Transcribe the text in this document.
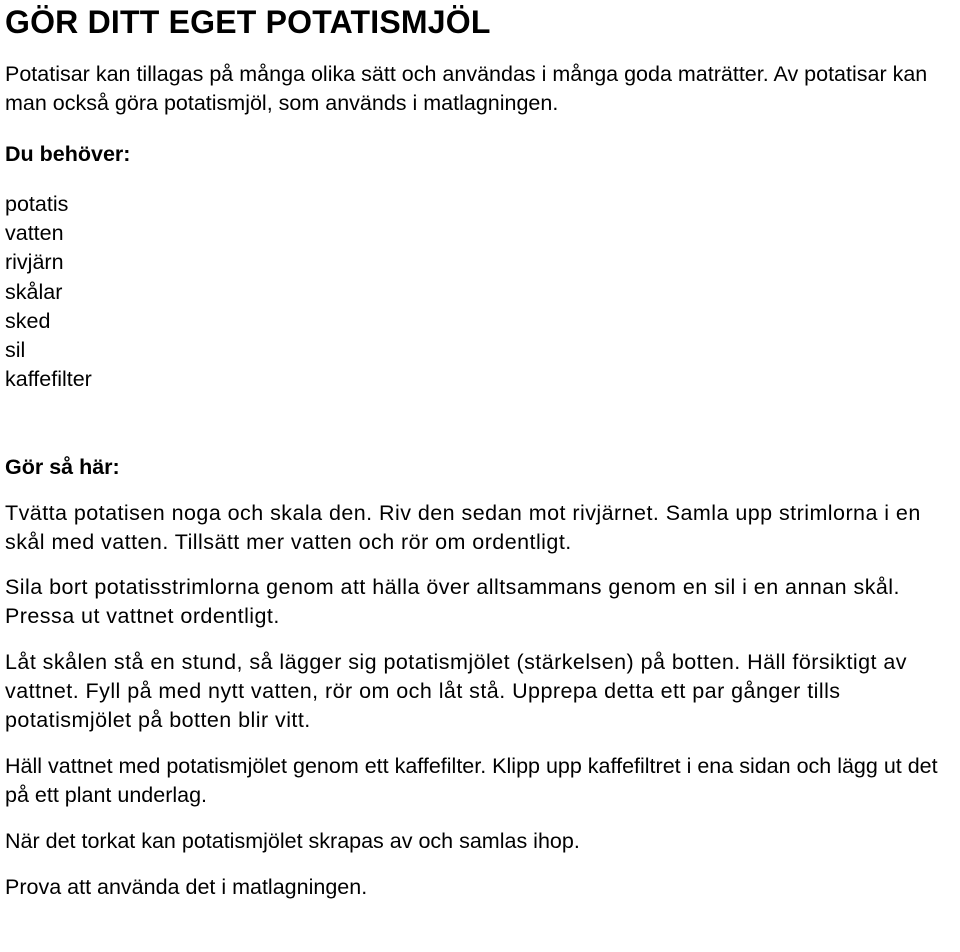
GÖR DITT EGET POTATISMJÖL

Potatisar kan tillagas på många olika sätt och användas i många goda maträtter. Av potatisar kan man också göra potatismjöl, som används i matlagningen.

Du behöver:
potatis
vatten
rivjärn
skålar
sked
sil
kaffefilter
Gör så här:

Tvätta potatisen noga och skala den. Riv den sedan mot rivjärnet. Samla upp strimlorna i en skål med vatten. Tillsätt mer vatten och rör om ordentligt.

Sila bort potatisstrimlorna genom att hälla över alltsammans genom en sil i en annan skål. Pressa ut vattnet ordentligt.

Låt skålen stå en stund, så lägger sig potatismjölet (stärkelsen) på botten. Häll försiktigt av vattnet. Fyll på med nytt vatten, rör om och låt stå. Upprepa detta ett par gånger tills potatismjölet på botten blir vitt.

Häll vattnet med potatismjölet genom ett kaffefilter. Klipp upp kaffefiltret i ena sidan och lägg ut det på ett plant underlag.

När det torkat kan potatismjölet skrapas av och samlas ihop.

Prova att använda det i matlagningen.
